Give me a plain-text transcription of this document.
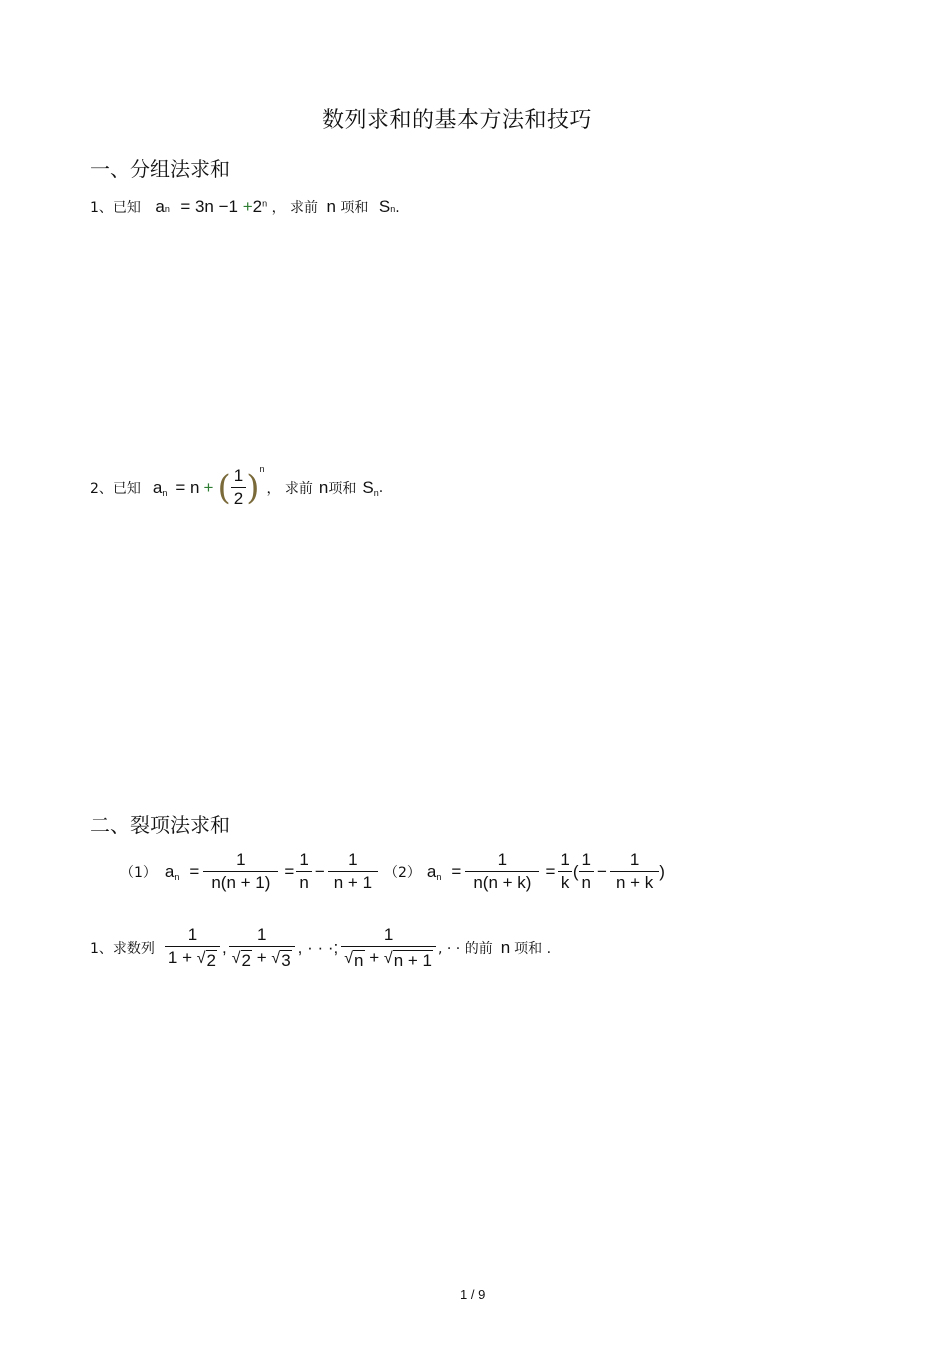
数列求和的基本方法和技巧
一、分组法求和
1、已知 an = $3n -1 +2^n$ ， 求前 n 项和 Sn.
2、已知 a n = n + ( $\frac{1}{2}$ ) n
， 求前 n 项和 S n .
二、裂项法求和
（1） a $n = \frac{1}{n(n + 1)} = \frac{1}{n} - \frac{1}{n + 1} (2)$ a $n = \frac{1}{n(n + k)} = \frac{1}{k}$ ( $\frac{1}{n} - \frac{1}{n + k}$ )
1、求数列 $\frac{1}{1 + √ 2}$ , $\frac{1}{√ 2 + √ 3}$ , · · ·; $\frac{1}{√ n + √ n + 1}$ , · · 的前 n 项和 .
1 / 9
